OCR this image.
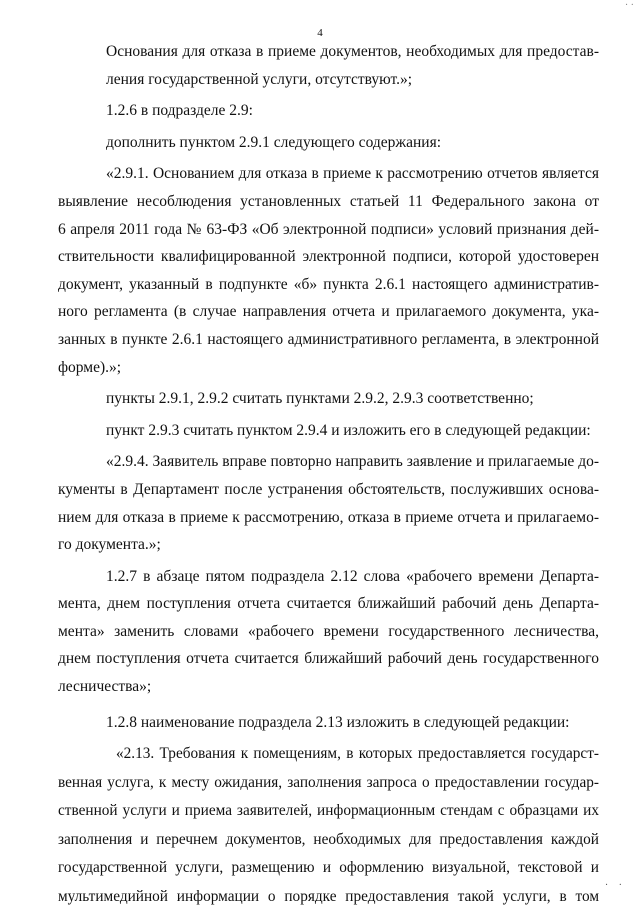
· ·
4
Основания для отказа в приеме документов, необходимых для предостав-
ления государственной услуги, отсутствуют.»;
1.2.6 в подразделе 2.9:
дополнить пунктом 2.9.1 следующего содержания:
«2.9.1. Основанием для отказа в приеме к рассмотрению отчетов является
выявление несоблюдения установленных статьей 11 Федерального закона от
6 апреля 2011 года № 63-ФЗ «Об электронной подписи» условий признания дей-
ствительности квалифицированной электронной подписи, которой удостоверен
документ, указанный в подпункте «б» пункта 2.6.1 настоящего административ-
ного регламента (в случае направления отчета и прилагаемого документа, ука-
занных в пункте 2.6.1 настоящего административного регламента, в электронной
форме).»;
пункты 2.9.1, 2.9.2 считать пунктами 2.9.2, 2.9.3 соответственно;
пункт 2.9.3 считать пунктом 2.9.4 и изложить его в следующей редакции:
«2.9.4. Заявитель вправе повторно направить заявление и прилагаемые до-
кументы в Департамент после устранения обстоятельств, послуживших основа-
нием для отказа в приеме к рассмотрению, отказа в приеме отчета и прилагаемо-
го документа.»;
1.2.7 в абзаце пятом подраздела 2.12 слова «рабочего времени Департа-
мента, днем поступления отчета считается ближайший рабочий день Департа-
мента» заменить словами «рабочего времени государственного лесничества,
днем поступления отчета считается ближайший рабочий день государственного
лесничества»;
1.2.8 наименование подраздела 2.13 изложить в следующей редакции:
«2.13. Требования к помещениям, в которых предоставляется государст-
венная услуга, к месту ожидания, заполнения запроса о предоставлении государ-
ственной услуги и приема заявителей, информационным стендам с образцами их
заполнения и перечнем документов, необходимых для предоставления каждой
государственной услуги, размещению и оформлению визуальной, текстовой и
мультимедийной информации о порядке предоставления такой услуги, в том
· ·
